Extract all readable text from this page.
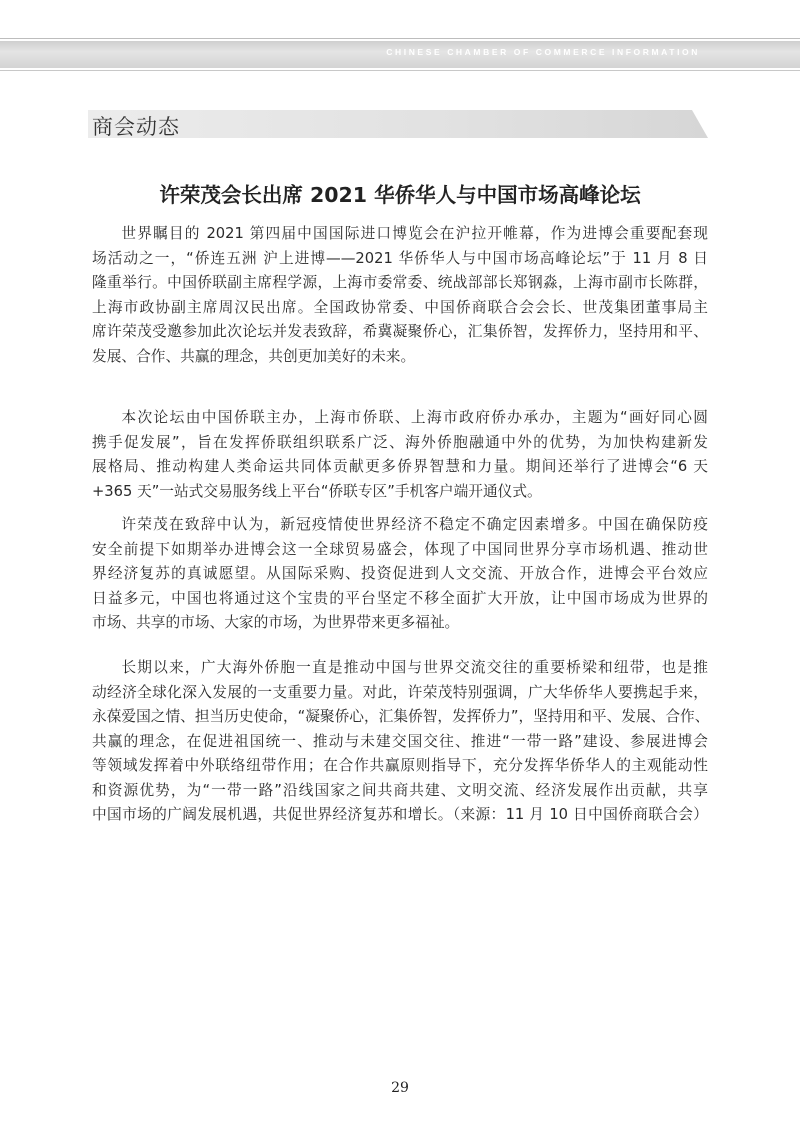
CHINESE CHAMBER OF COMMERCE INFORMATION
商会动态
许荣茂会长出席 2021 华侨华人与中国市场高峰论坛
世界瞩目的 2021 第四届中国国际进口博览会在沪拉开帷幕，作为进博会重要配套现
场活动之一，“侨连五洲 沪上进博——2021 华侨华人与中国市场高峰论坛”于 11 月 8 日
隆重举行。中国侨联副主席程学源，上海市委常委、统战部部长郑钢淼，上海市副市长陈群，
上海市政协副主席周汉民出席。全国政协常委、中国侨商联合会会长、世茂集团董事局主
席许荣茂受邀参加此次论坛并发表致辞，希冀凝聚侨心，汇集侨智，发挥侨力，坚持用和平、
发展、合作、共赢的理念，共创更加美好的未来。
本次论坛由中国侨联主办，上海市侨联、上海市政府侨办承办，主题为“画好同心圆
携手促发展”，旨在发挥侨联组织联系广泛、海外侨胞融通中外的优势，为加快构建新发
展格局、推动构建人类命运共同体贡献更多侨界智慧和力量。期间还举行了进博会“6 天
+365 天”一站式交易服务线上平台“侨联专区”手机客户端开通仪式。
许荣茂在致辞中认为，新冠疫情使世界经济不稳定不确定因素增多。中国在确保防疫
安全前提下如期举办进博会这一全球贸易盛会，体现了中国同世界分享市场机遇、推动世
界经济复苏的真诚愿望。从国际采购、投资促进到人文交流、开放合作，进博会平台效应
日益多元，中国也将通过这个宝贵的平台坚定不移全面扩大开放，让中国市场成为世界的
市场、共享的市场、大家的市场，为世界带来更多福祉。
长期以来，广大海外侨胞一直是推动中国与世界交流交往的重要桥梁和纽带，也是推
动经济全球化深入发展的一支重要力量。对此，许荣茂特别强调，广大华侨华人要携起手来，
永葆爱国之情、担当历史使命，“凝聚侨心，汇集侨智，发挥侨力”，坚持用和平、发展、合作、
共赢的理念，在促进祖国统一、推动与未建交国交往、推进“一带一路”建设、参展进博会
等领域发挥着中外联络纽带作用；在合作共赢原则指导下，充分发挥华侨华人的主观能动性
和资源优势，为“一带一路”沿线国家之间共商共建、文明交流、经济发展作出贡献，共享
中国市场的广阔发展机遇，共促世界经济复苏和增长。（来源：11 月 10 日中国侨商联合会）
29
